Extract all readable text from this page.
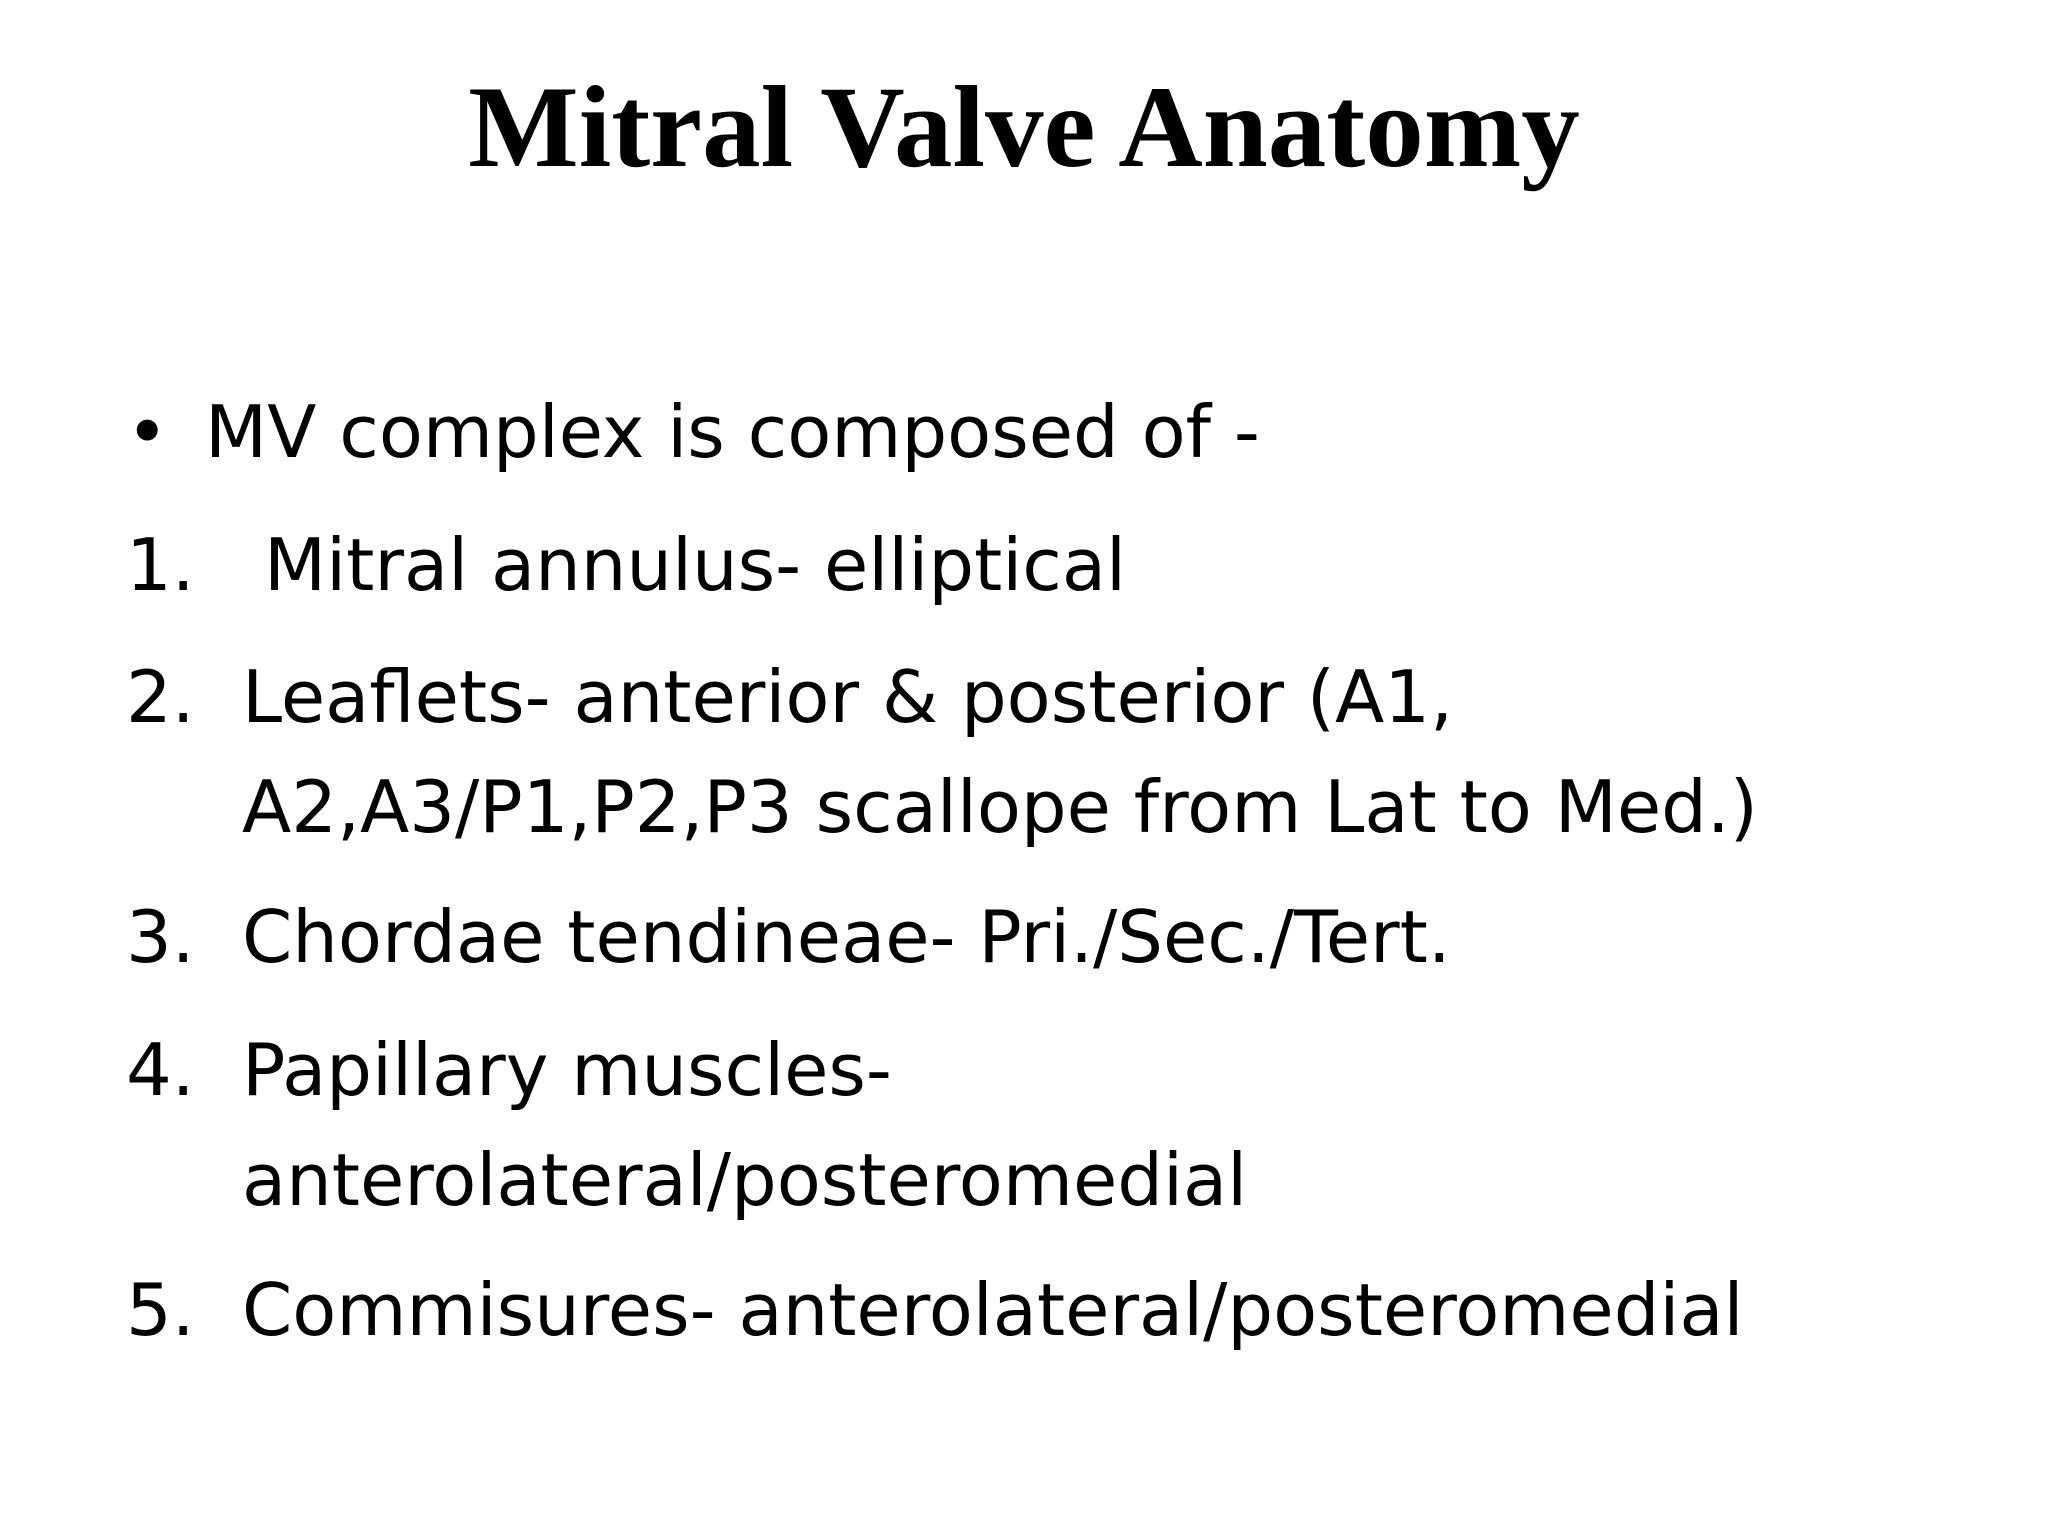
Mitral Valve Anatomy
• MV complex is composed of -
1. Mitral annulus- elliptical
2. Leaflets- anterior & posterior (A1,
A2,A3/P1,P2,P3 scallope from Lat to Med.)
3. Chordae tendineae- Pri./Sec./Tert.
4. Papillary muscles-
anterolateral/posteromedial
5. Commisures- anterolateral/posteromedial
